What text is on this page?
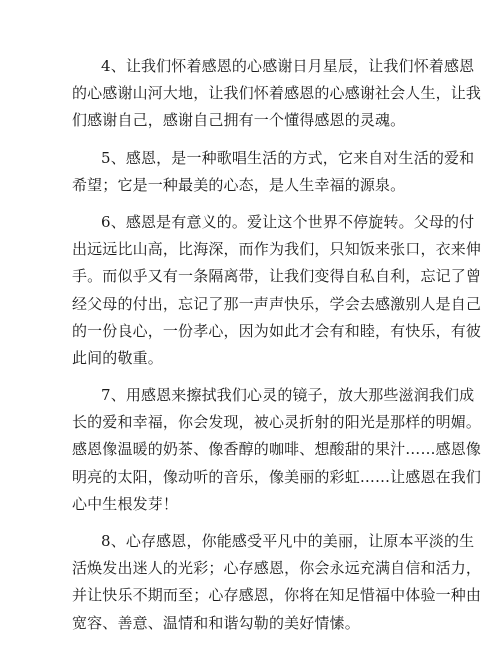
4、让我们怀着感恩的心感谢日月星辰，让我们怀着感恩
的心感谢山河大地，让我们怀着感恩的心感谢社会人生，让我
们感谢自己，感谢自己拥有一个懂得感恩的灵魂。
5、感恩，是一种歌唱生活的方式，它来自对生活的爱和
希望；它是一种最美的心态，是人生幸福的源泉。
6、感恩是有意义的。爱让这个世界不停旋转。父母的付
出远远比山高，比海深，而作为我们，只知饭来张口，衣来伸
手。而似乎又有一条隔离带，让我们变得自私自利，忘记了曾
经父母的付出，忘记了那一声声快乐，学会去感激别人是自己
的一份良心，一份孝心，因为如此才会有和睦，有快乐，有彼
此间的敬重。
7、用感恩来擦拭我们心灵的镜子，放大那些滋润我们成
长的爱和幸福，你会发现，被心灵折射的阳光是那样的明媚。
感恩像温暖的奶茶、像香醇的咖啡、想酸甜的果汁……感恩像
明亮的太阳，像动听的音乐，像美丽的彩虹……让感恩在我们
心中生根发芽！
8、心存感恩，你能感受平凡中的美丽，让原本平淡的生
活焕发出迷人的光彩；心存感恩，你会永远充满自信和活力，
并让快乐不期而至；心存感恩，你将在知足惜福中体验一种由
宽容、善意、温情和和谐勾勒的美好情愫。
